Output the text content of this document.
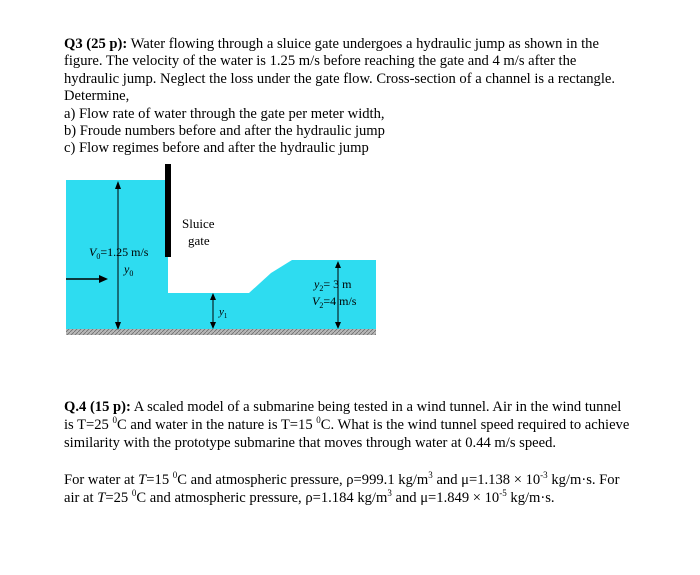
Q3 (25 p): Water flowing through a sluice gate undergoes a hydraulic jump as shown in the figure. The velocity of the water is 1.25 m/s before reaching the gate and 4 m/s after the hydraulic jump. Neglect the loss under the gate flow. Cross-section of a channel is a rectangle. Determine,

a) Flow rate of water through the gate per meter width,

b) Froude numbers before and after the hydraulic jump

c) Flow regimes before and after the hydraulic jump

Sluice
gate
$V_0=1.25$ m/s
$y_0$
$y_1$
$y_2= 3$ m
$V_2=4$ m/s

Q.4 (15 p): A scaled model of a submarine being tested in a wind tunnel. Air in the wind tunnel is T=25 $^0$C and water in the nature is T=15 $^0$C. What is the wind tunnel speed required to achieve similarity with the prototype submarine that moves through water at 0.44 m/s speed.

For water at T=15 $^0$C and atmospheric pressure, ρ=999.1 $kg/m^3$ and $\mu=1.138 \times 10^{-3}$ kg/m·s. For air at T=25 $^0$C and atmospheric pressure, ρ=1.184 $kg/m^3$ and $\mu=1.849 \times 10^{-5}$ kg/m·s.
